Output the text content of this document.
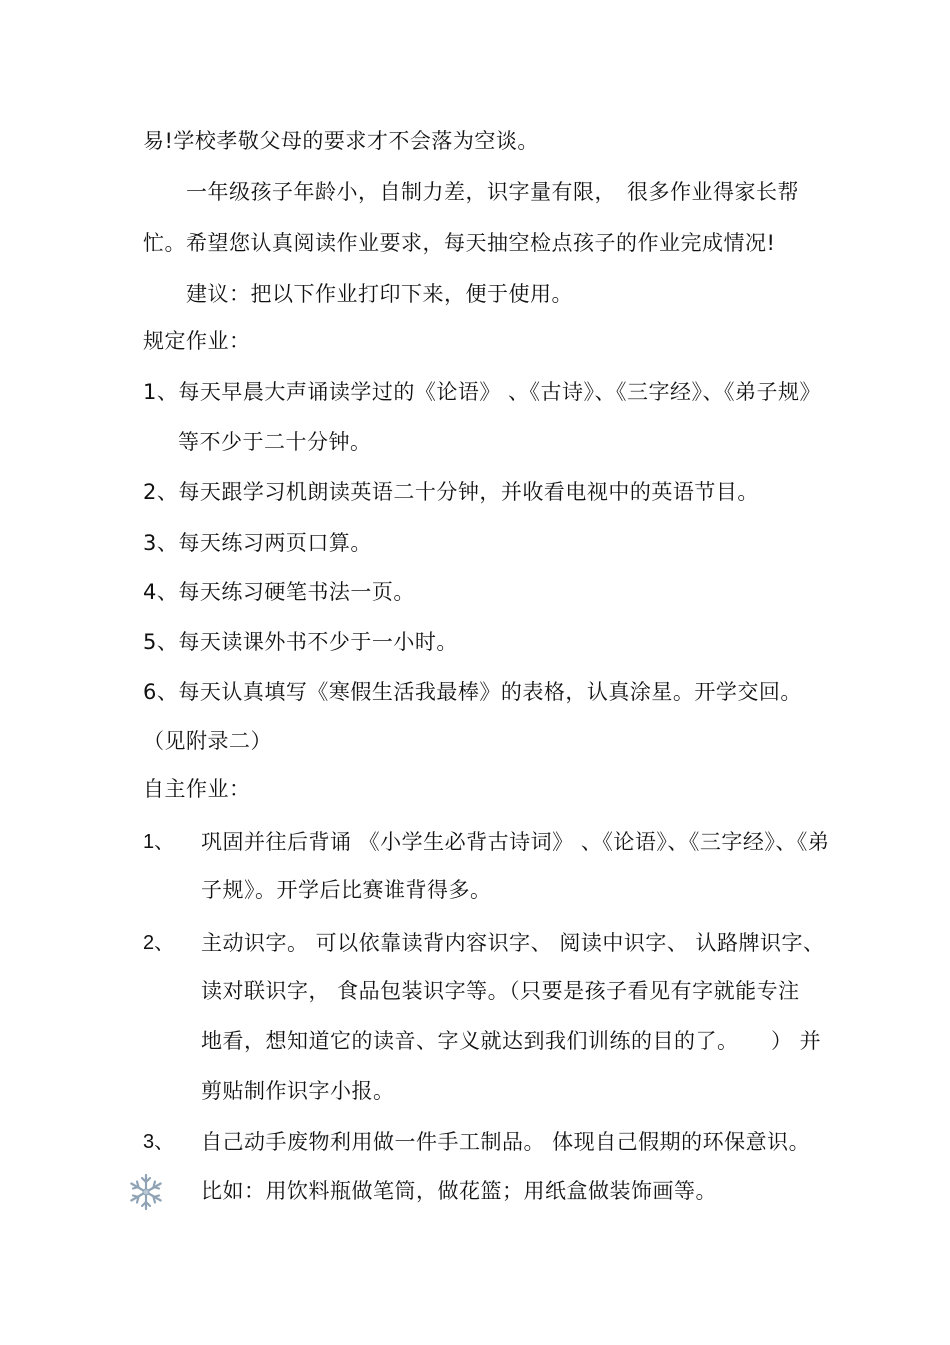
易!学校孝敬父母的要求才不会落为空谈。
一年级孩子年龄小，自制力差，识字量有限，　很多作业得家长帮
忙。希望您认真阅读作业要求，每天抽空检点孩子的作业完成情况!
建议：把以下作业打印下来，便于使用。
规定作业：
1、每天早晨大声诵读学过的《论语》 、《古诗》、《三字经》、《弟子规》
等不少于二十分钟。
2、每天跟学习机朗读英语二十分钟，并收看电视中的英语节目。
3、每天练习两页口算。
4、每天练习硬笔书法一页。
5、每天读课外书不少于一小时。
6、每天认真填写《寒假生活我最棒》的表格，认真涂星。开学交回。
（见附录二）
自主作业：
1、 巩固并往后背诵 《小学生必背古诗词》 、《论语》、《三字经》、《弟
子规》。开学后比赛谁背得多。
2、 主动识字。 可以依靠读背内容识字、 阅读中识字、 认路牌识字、
读对联识字， 食品包装识字等。（只要是孩子看见有字就能专注
地看，想知道它的读音、字义就达到我们训练的目的了。　　） 并
剪贴制作识字小报。
3、 自己动手废物利用做一件手工制品。 体现自己假期的环保意识。
比如：用饮料瓶做笔筒，做花篮；用纸盒做装饰画等。
